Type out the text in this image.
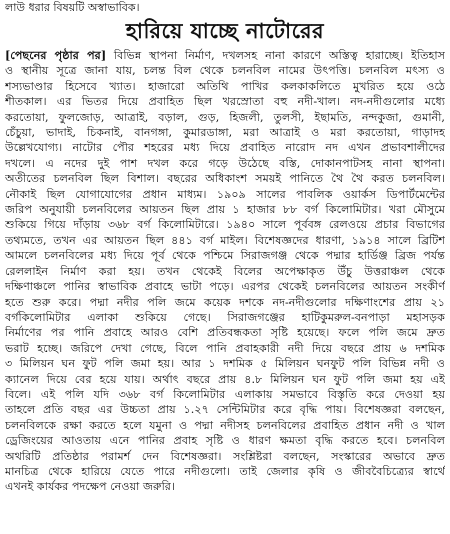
লাউ ধরার বিষয়টি অস্বাভাবিক।

হারিয়ে যাচ্ছে নাটোরের
[পেছনের পৃষ্ঠার পর] বিভিন্ন স্থাপনা নির্মাণ, দখলসহ নানা কারণে অস্তিত্ব হারাচ্ছে। ইতিহাস
ও স্থানীয় সূত্রে জানা যায়, চলন্ত বিল থেকে চলনবিল নামের উৎপত্তি। চলনবিল মৎস্য ও
শস্যভাণ্ডার হিসেবে খ্যাত। হাজারো অতিথি পাখির কলকাকলিতে মুখরিত হয়ে ওঠে
শীতকাল। এর ভিতর দিয়ে প্রবাহিত ছিল খরস্রোতা বহু নদী-খাল। নদ-নদীগুলোর মধ্যে
করতোয়া, ফুলজোড়, আত্রাই, বড়াল, গুড়, হিজলী, তুলসী, ইছামতি, নন্দকুজা, গুমানী,
চেঁচুয়া, ভাদাই, চিকনাই, বানগঙ্গা, কুমারডাঙ্গা, মরা আত্রাই ও মরা করতোয়া, গাড়াদহ
উল্লেখযোগ্য। নাটোর পৌর শহরের মধ্য দিয়ে প্রবাহিত নারোদ নদ এখন প্রভাবশালীদের
দখলে। এ নদের দুই পাশ দখল করে গড়ে উঠেছে বস্তি, দোকানপাটসহ নানা স্থাপনা।
অতীতের চলনবিল ছিল বিশাল। বছরের অধিকাংশ সময়ই পানিতে থৈ থৈ করত চলনবিল।
নৌকাই ছিল যোগাযোগের প্রধান মাধ্যম। ১৯০৯ সালের পাবলিক ওয়ার্কস ডিপার্টমেন্টের
জরিপ অনুযায়ী চলনবিলের আয়তন ছিল প্রায় ১ হাজার ৮৮ বর্গ কিলোমিটার। খরা মৌসুমে
শুকিয়ে গিয়ে দাঁড়ায় ৩৬৮ বর্গ কিলোমিটারে। ১৯৪০ সালে পূর্ববঙ্গ রেলওয়ে প্রচার বিভাগের
তথ্যমতে, তখন এর আয়তন ছিল ৪৪১ বর্গ মাইল। বিশেষজ্ঞদের ধারণা, ১৯১৪ সালে ব্রিটিশ
আমলে চলনবিলের মধ্য দিয়ে পূর্ব থেকে পশ্চিমে সিরাজগঞ্জ থেকে পদ্মার হার্ডিঞ্জ ব্রিজ পর্যন্ত
রেললাইন নির্মাণ করা হয়। তখন থেকেই বিলের অপেক্ষাকৃত উঁচু উত্তরাঞ্চল থেকে
দক্ষিণাঞ্চলে পানির স্বাভাবিক প্রবাহে ভাটা পড়ে। এরপর থেকেই চলনবিলের আয়তন সংকীর্ণ
হতে শুরু করে। পদ্মা নদীর পলি জমে কয়েক দশকে নদ-নদীগুলোর দক্ষিণাংশের প্রায় ২১
বর্গকিলোমিটার এলাকা শুকিয়ে গেছে। সিরাজগঞ্জের হাটিকুমরুল-বনপাড়া মহাসড়ক
নির্মাণের পর পানি প্রবাহে আরও বেশি প্রতিবন্ধকতা সৃষ্টি হয়েছে। ফলে পলি জমে দ্রুত
ভরাট হচ্ছে। জরিপে দেখা গেছে, বিলে পানি প্রবাহকারী নদী দিয়ে বছরে প্রায় ৬ দশমিক
৩ মিলিয়ন ঘন ফুট পলি জমা হয়। আর ১ দশমিক ৫ মিলিয়ন ঘনফুট পলি বিভিন্ন নদী ও
ক্যানেল দিয়ে বের হয়ে যায়। অর্থাৎ বছরে প্রায় ৪.৮ মিলিয়ন ঘন ফুট পলি জমা হয় এই
বিলে। এই পলি যদি ৩৬৮ বর্গ কিলোমিটার এলাকায় সমভাবে বিস্তৃতি করে দেওয়া হয়
তাহলে প্রতি বছর এর উচ্চতা প্রায় ১.২৭ সেন্টিমিটার করে বৃদ্ধি পায়। বিশেষজ্ঞরা বলছেন,
চলনবিলকে রক্ষা করতে হলে যমুনা ও পদ্মা নদীসহ চলনবিলের প্রবাহিত প্রধান নদী ও খাল
ড্রেজিংয়ের আওতায় এনে পানির প্রবাহ সৃষ্টি ও ধারণ ক্ষমতা বৃদ্ধি করতে হবে। চলনবিল
অথরিটি প্রতিষ্ঠার পরামর্শ দেন বিশেষজ্ঞরা। সংশ্লিষ্টরা বলছেন, সংস্কারের অভাবে দ্রুত
মানচিত্র থেকে হারিয়ে যেতে পারে নদীগুলো। তাই জেলার কৃষি ও জীববৈচিত্র্যের স্বার্থে
এখনই কার্যকর পদক্ষেপ নেওয়া জরুরি।
